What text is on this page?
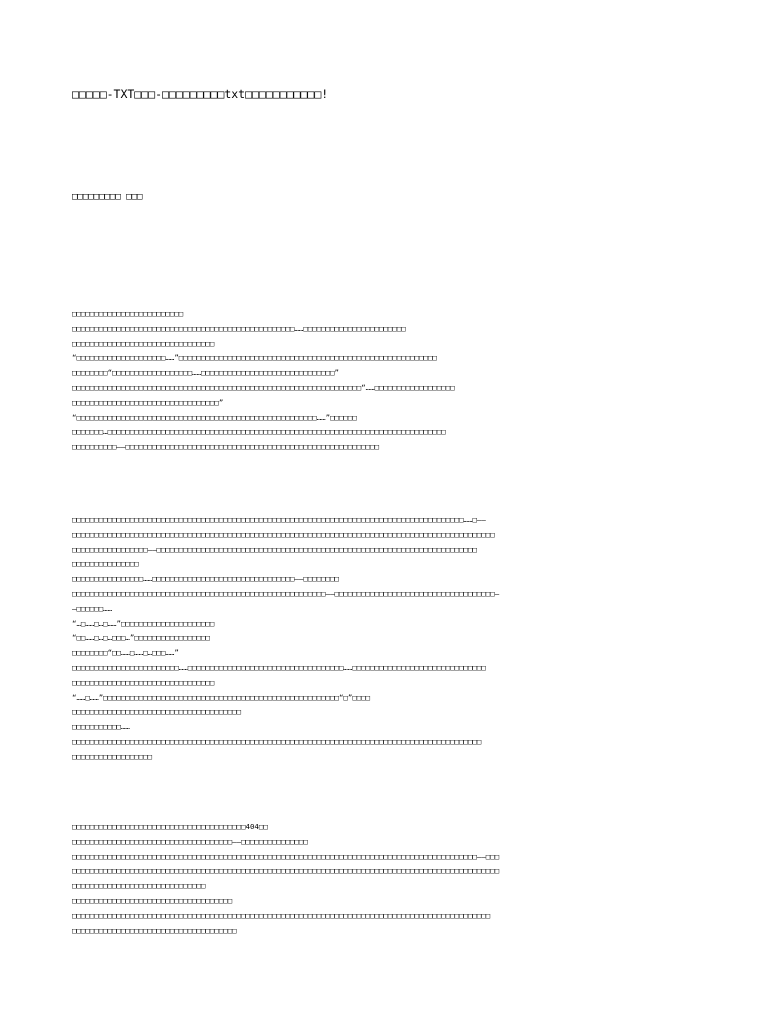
□□□□□-TXT□□□-□□□□□□□□□txt□□□□□□□□□□□!
□□□□□□□□□ □□□
□□□□□□□□□□□□□□□□□□□□□□□□□
□□□□□□□□□□□□□□□□□□□□□□□□□□□□□□□□□□□□□□□□□□□□□□□□□□……□□□□□□□□□□□□□□□□□□□□□□□
□□□□□□□□□□□□□□□□□□□□□□□□□□□□□□□□
“□□□□□□□□□□□□□□□□□□□□……”□□□□□□□□□□□□□□□□□□□□□□□□□□□□□□□□□□□□□□□□□□□□□□□□□□□□□□□□□□
□□□□□□□□“□□□□□□□□□□□□□□□□□□……□□□□□□□□□□□□□□□□□□□□□□□□□□□□□□”
□□□□□□□□□□□□□□□□□□□□□□□□□□□□□□□□□□□□□□□□□□□□□□□□□□□□□□□□□□□□□□□□□“……□□□□□□□□□□□□□□□□□□
□□□□□□□□□□□□□□□□□□□□□□□□□□□□□□□□□”
“□□□□□□□□□□□□□□□□□□□□□□□□□□□□□□□□□□□□□□□□□□□□□□□□□□□□□□……”□□□□□□
□□□□□□□…□□□□□□□□□□□□□□□□□□□□□□□□□□□□□□□□□□□□□□□□□□□□□□□□□□□□□□□□□□□□□□□□□□□□□□□□□□□□
□□□□□□□□□□——□□□□□□□□□□□□□□□□□□□□□□□□□□□□□□□□□□□□□□□□□□□□□□□□□□□□□□□□□
□□□□□□□□□□□□□□□□□□□□□□□□□□□□□□□□□□□□□□□□□□□□□□□□□□□□□□□□□□□□□□□□□□□□□□□□□□□□□□□□□□□□□□□□……□——
□□□□□□□□□□□□□□□□□□□□□□□□□□□□□□□□□□□□□□□□□□□□□□□□□□□□□□□□□□□□□□□□□□□□□□□□□□□□□□□□□□□□□□□□□□□□□□□
□□□□□□□□□□□□□□□□□——□□□□□□□□□□□□□□□□□□□□□□□□□□□□□□□□□□□□□□□□□□□□□□□□□□□□□□□□□□□□□□□□□□□□□□□□
□□□□□□□□□□□□□□□
□□□□□□□□□□□□□□□□……□□□□□□□□□□□□□□□□□□□□□□□□□□□□□□□□——□□□□□□□□
□□□□□□□□□□□□□□□□□□□□□□□□□□□□□□□□□□□□□□□□□□□□□□□□□□□□□□□□□——□□□□□□□□□□□□□□□□□□□□□□□□□□□□□□□□□□□□—
—□□□□□□……
“…□……□…□……”□□□□□□□□□□□□□□□□□□□□□
“□□……□…□…□□□…”□□□□□□□□□□□□□□□□□
□□□□□□□□“□□……□……□…□□□……”
□□□□□□□□□□□□□□□□□□□□□□□□……□□□□□□□□□□□□□□□□□□□□□□□□□□□□□□□□□□□……□□□□□□□□□□□□□□□□□□□□□□□□□□□□□□
□□□□□□□□□□□□□□□□□□□□□□□□□□□□□□□□
“……□……”□□□□□□□□□□□□□□□□□□□□□□□□□□□□□□□□□□□□□□□□□□□□□□□□□□□□□“□”□□□□
□□□□□□□□□□□□□□□□□□□□□□□□□□□□□□□□□□□□□□
□□□□□□□□□□□……
□□□□□□□□□□□□□□□□□□□□□□□□□□□□□□□□□□□□□□□□□□□□□□□□□□□□□□□□□□□□□□□□□□□□□□□□□□□□□□□□□□□□□□□□□□□□
□□□□□□□□□□□□□□□□□□
□□□□□□□□□□□□□□□□□□□□□□□□□□□□□□□□□□□□□□□404□□
□□□□□□□□□□□□□□□□□□□□□□□□□□□□□□□□□□□□——□□□□□□□□□□□□□□□
□□□□□□□□□□□□□□□□□□□□□□□□□□□□□□□□□□□□□□□□□□□□□□□□□□□□□□□□□□□□□□□□□□□□□□□□□□□□□□□□□□□□□□□□□□□——□□□
□□□□□□□□□□□□□□□□□□□□□□□□□□□□□□□□□□□□□□□□□□□□□□□□□□□□□□□□□□□□□□□□□□□□□□□□□□□□□□□□□□□□□□□□□□□□□□□□
□□□□□□□□□□□□□□□□□□□□□□□□□□□□□□
□□□□□□□□□□□□□□□□□□□□□□□□□□□□□□□□□□□□
□□□□□□□□□□□□□□□□□□□□□□□□□□□□□□□□□□□□□□□□□□□□□□□□□□□□□□□□□□□□□□□□□□□□□□□□□□□□□□□□□□□□□□□□□□□□□□
□□□□□□□□□□□□□□□□□□□□□□□□□□□□□□□□□□□□□
